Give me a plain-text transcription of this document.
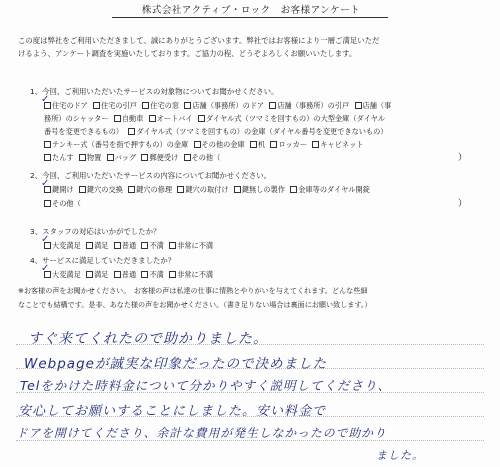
株式会社アクティブ・ロック　お客様アンケート
この度は弊社をご利用いただきまして、誠にありがとうございます。弊社ではお客様により一層ご満足いただ
けるよう、アンケート調査を実施いたしております。ご協力の程、どうぞよろしくお願いいたします。
1、今回、ご利用いただいたサービスの対象物についてお聞かせください。
住宅のドア 住宅の引戸 住宅の窓 店舗（事務所）のドア 店舗（事務所）の引戸 店舗（事
務所）のシャッター 自動車 オートバイ ダイヤル式（ツマミを回すもの）の大型金庫（ダイヤル
番号を変更できるもの） ダイヤル式（ツマミを回すもの）の金庫（ダイヤル番号を変更できないもの）
テンキー式（番号を指で押すもの）の金庫 その他の金庫 机 ロッカー キャビネット
たんす 物置 バッグ 郵便受け その他（	）
✓
2、今回、ご利用いただいたサービスの内容についてお聞かせください。
鍵開け 鍵穴の交換 鍵穴の修理 鍵穴の取付け 鍵無しの製作 金庫等のダイヤル開錠
その他（	）
✓
3、スタッフの対応はいかがでしたか？
大変満足 満足 普通 不満 非常に不満
✓
4、サービスに満足していただきましたか？
大変満足 満足 普通 不満 非常に不満
✓
※お客様の声をお聞かせください。　お客様の声は私達の仕事に情熱とやりがいを与えてくれます。どんな些細
なことでも結構です。是非、あなた様の声をお聞かせください。（書き足りない場合は裏面にお願い致します。）
すぐ来てくれたので助かりました。
Webpageが誠実な印象だったので決めました
Telをかけた時料金について分かりやすく説明してくださり、
安心してお願いすることにしました。安い料金で
ドアを開けてくださり、余計な費用が発生しなかったので助かり
ました。
